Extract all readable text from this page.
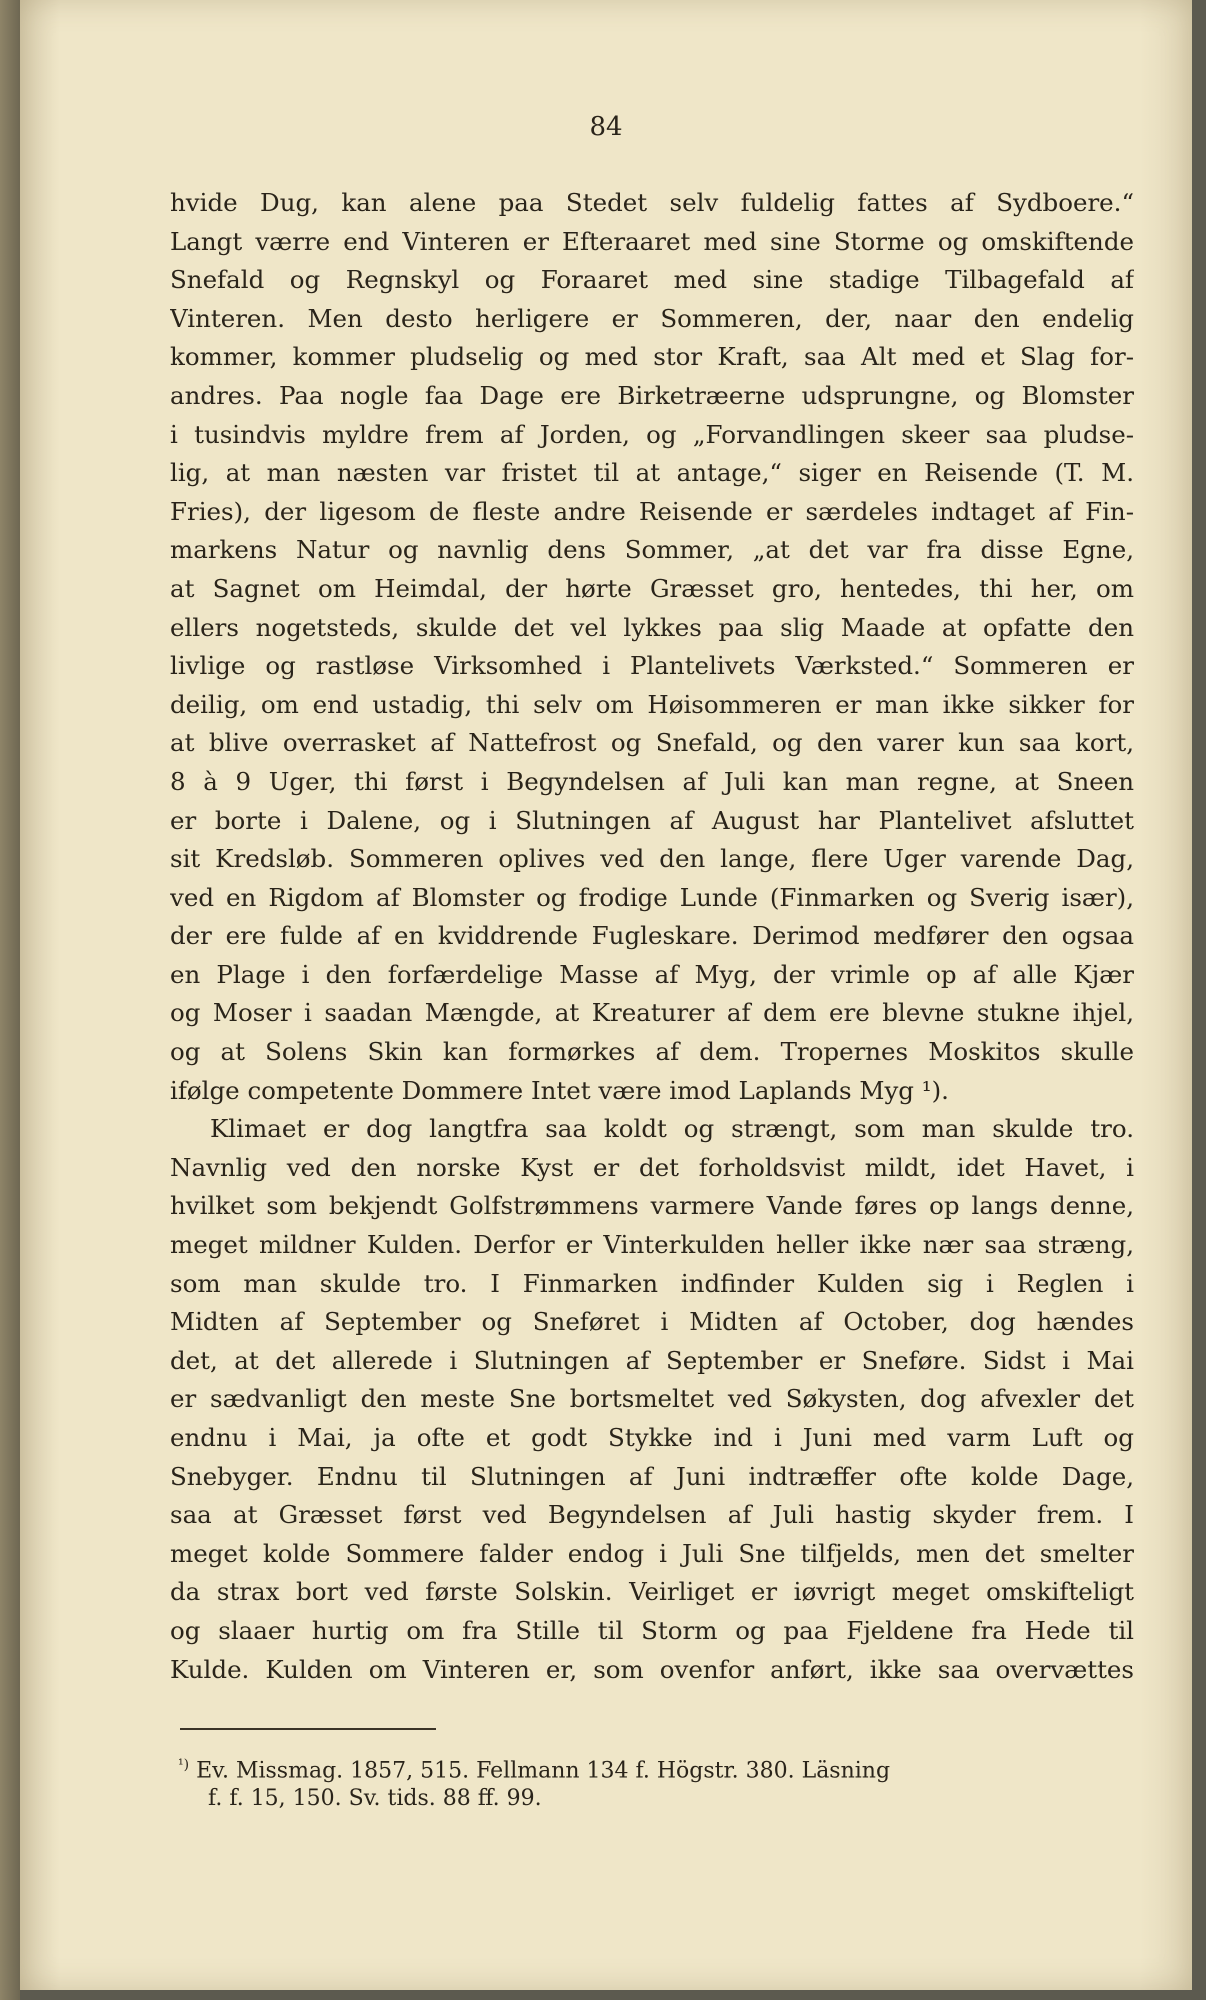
84
hvide Dug, kan alene paa Stedet selv fuldelig fattes af Sydboere.“
Langt værre end Vinteren er Efteraaret med sine Storme og omskiftende
Snefald og Regnskyl og Foraaret med sine stadige Tilbagefald af
Vinteren. Men desto herligere er Sommeren, der, naar den endelig
kommer, kommer pludselig og med stor Kraft, saa Alt med et Slag for-
andres. Paa nogle faa Dage ere Birketræerne udsprungne, og Blomster
i tusindvis myldre frem af Jorden, og „Forvandlingen skeer saa pludse-
lig, at man næsten var fristet til at antage,“ siger en Reisende (T. M.
Fries), der ligesom de fleste andre Reisende er særdeles indtaget af Fin-
markens Natur og navnlig dens Sommer, „at det var fra disse Egne,
at Sagnet om Heimdal, der hørte Græsset gro, hentedes, thi her, om
ellers nogetsteds, skulde det vel lykkes paa slig Maade at opfatte den
livlige og rastløse Virksomhed i Plantelivets Værksted.“ Sommeren er
deilig, om end ustadig, thi selv om Høisommeren er man ikke sikker for
at blive overrasket af Nattefrost og Snefald, og den varer kun saa kort,
8 à 9 Uger, thi først i Begyndelsen af Juli kan man regne, at Sneen
er borte i Dalene, og i Slutningen af August har Plantelivet afsluttet
sit Kredsløb. Sommeren oplives ved den lange, flere Uger varende Dag,
ved en Rigdom af Blomster og frodige Lunde (Finmarken og Sverig især),
der ere fulde af en kviddrende Fugleskare. Derimod medfører den ogsaa
en Plage i den forfærdelige Masse af Myg, der vrimle op af alle Kjær
og Moser i saadan Mængde, at Kreaturer af dem ere blevne stukne ihjel,
og at Solens Skin kan formørkes af dem. Tropernes Moskitos skulle
ifølge competente Dommere Intet være imod Laplands Myg ¹).
Klimaet er dog langtfra saa koldt og strængt, som man skulde tro.
Navnlig ved den norske Kyst er det forholdsvist mildt, idet Havet, i
hvilket som bekjendt Golfstrømmens varmere Vande føres op langs denne,
meget mildner Kulden. Derfor er Vinterkulden heller ikke nær saa stræng,
som man skulde tro. I Finmarken indfinder Kulden sig i Reglen i
Midten af September og Sneføret i Midten af October, dog hændes
det, at det allerede i Slutningen af September er Sneføre. Sidst i Mai
er sædvanligt den meste Sne bortsmeltet ved Søkysten, dog afvexler det
endnu i Mai, ja ofte et godt Stykke ind i Juni med varm Luft og
Snebyger. Endnu til Slutningen af Juni indtræffer ofte kolde Dage,
saa at Græsset først ved Begyndelsen af Juli hastig skyder frem. I
meget kolde Sommere falder endog i Juli Sne tilfjelds, men det smelter
da strax bort ved første Solskin. Veirliget er iøvrigt meget omskifteligt
og slaaer hurtig om fra Stille til Storm og paa Fjeldene fra Hede til
Kulde. Kulden om Vinteren er, som ovenfor anført, ikke saa overvættes
$^{^1)}$ Ev. Missmag. 1857, 515. Fellmann 134 f. Högstr. 380. Läsning
f. f. 15, 150. Sv. tids. 88 ff. 99.
